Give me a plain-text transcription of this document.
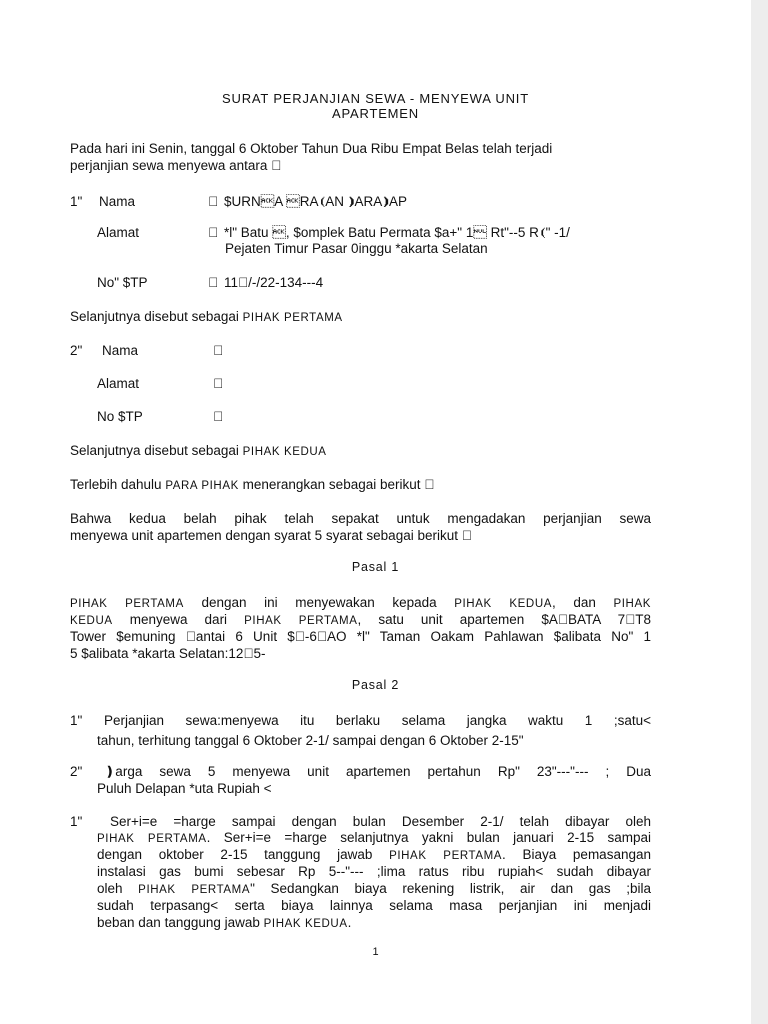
SURAT PERJANJIAN SEWA - MENYEWA UNIT
APARTEMEN
Pada hari ini Senin, tanggal 6 Oktober Tahun Dua Ribu Empat Belas telah terjadi
perjanjian sewa menyewa antara  
1" Nama	  $URNA RA❨AN ❫ARA❫AP
Alamat	  *l" Batu , $omplek Batu Permata $a+" 1  Rt"--5 R❨" -1/
Pejaten Timur Pasar 0inggu *akarta Selatan
No" $TP	  11 /-/22-134---4
Selanjutnya disebut sebagai PIHAK PERTAMA
2" Nama	 
Alamat	 
No $TP	 
Selanjutnya disebut sebagai PIHAK KEDUA
Terlebih dahulu PARA PIHAK menerangkan sebagai berikut  
Bahwa kedua belah pihak telah sepakat untuk mengadakan perjanjian sewa
menyewa unit apartemen dengan syarat 5 syarat sebagai berikut  
Pasal 1
PIHAK PERTAMA dengan ini menyewakan kepada PIHAK KEDUA, dan PIHAK
KEDUA menyewa dari PIHAK PERTAMA, satu unit apartemen $A BATA 7T8
Tower $emuning  antai 6 Unit $-6AO *l" Taman Oakam Pahlawan $alibata No" 1
5 $alibata *akarta Selatan:12 5-
Pasal 2
1" Perjanjian sewa:menyewa itu berlaku selama jangka waktu 1 ;satu<
tahun, terhitung tanggal 6 Oktober 2-1/ sampai dengan 6 Oktober 2-15"
2" ❫arga sewa 5 menyewa unit apartemen pertahun Rp" 23"---"--- ; Dua
Puluh Delapan *uta Rupiah <
1" Ser+i=e =harge sampai dengan bulan Desember 2-1/ telah dibayar oleh
PIHAK PERTAMA. Ser+i=e =harge selanjutnya yakni bulan januari 2-15 sampai
dengan oktober 2-15 tanggung jawab PIHAK PERTAMA. Biaya pemasangan
instalasi gas bumi sebesar Rp 5--"--- ;lima ratus ribu rupiah< sudah dibayar
oleh PIHAK PERTAMA" Sedangkan biaya rekening listrik, air dan gas ;bila
sudah terpasang< serta biaya lainnya selama masa perjanjian ini menjadi
beban dan tanggung jawab PIHAK KEDUA.
1
